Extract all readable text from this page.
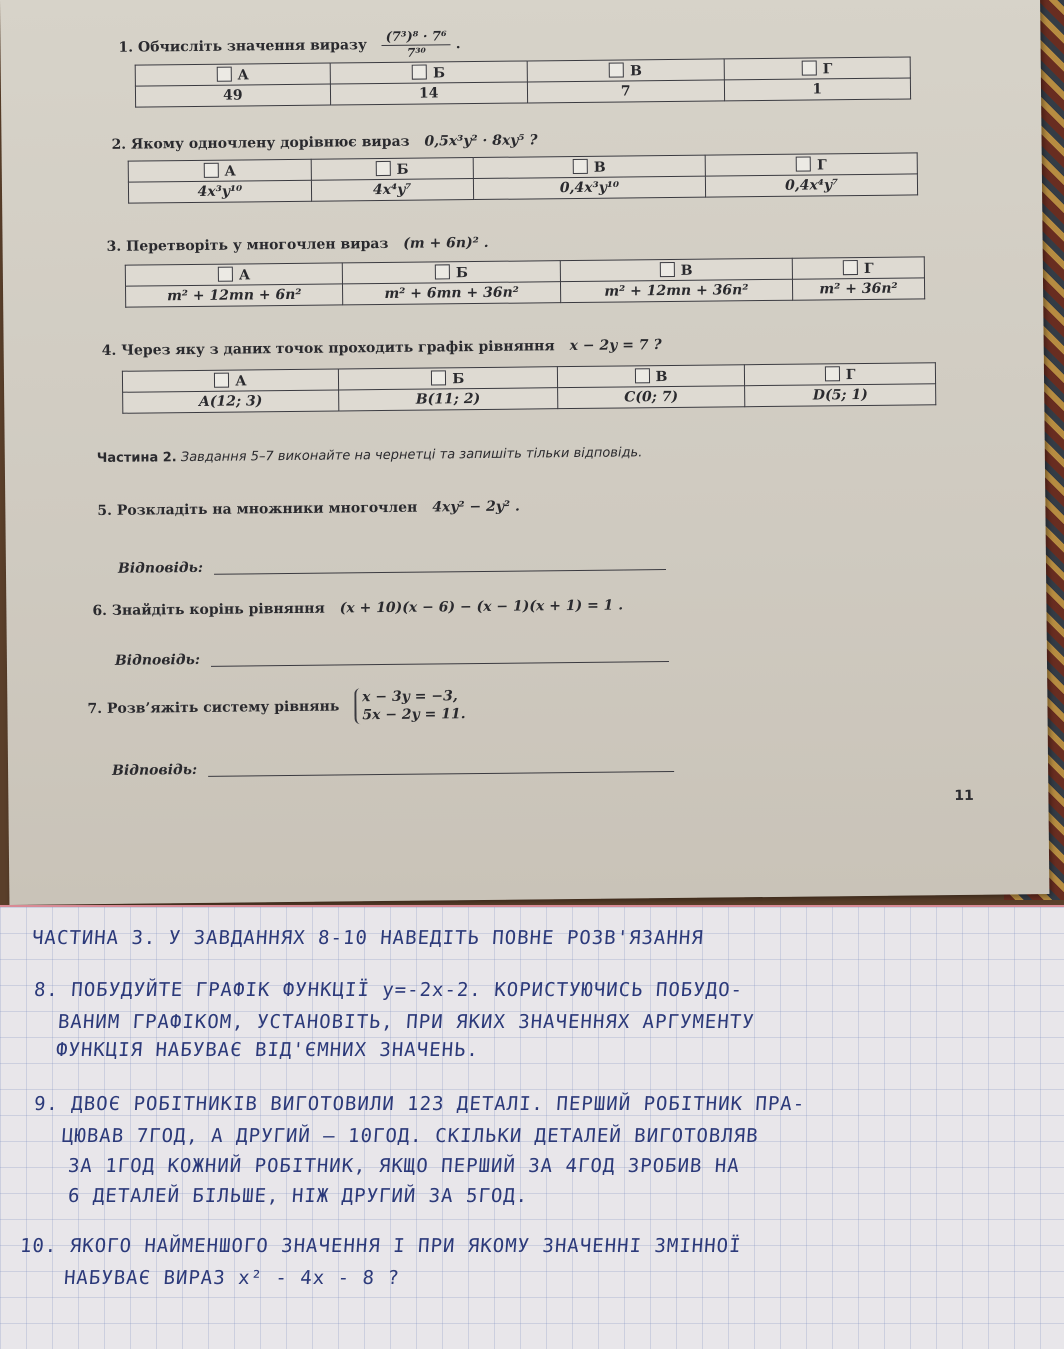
1. Обчисліть значення виразу $\frac{\text{(7³)⁸ · 7⁶}}{\text{7³⁰}}$ .
А	Б	В	Г
49	14	7	1
2. Якому одночлену дорівнює вираз 0,5x³y² · 8xy⁵ ?
А	Б	В	Г
4x³y¹⁰	4x⁴y⁷	0,4x³y¹⁰	0,4x⁴y⁷
3. Перетворіть у многочлен вираз (m + 6n)² .
А	Б	В	Г
m² + 12mn + 6n²	m² + 6mn + 36n²	m² + 12mn + 36n²	m² + 36n²
4. Через яку з даних точок проходить графік рівняння x − 2y = 7 ?
А	Б	В	Г
A(12; 3)	B(11; 2)	C(0; 7)	D(5; 1)
Частина 2. Завдання 5–7 виконайте на чернетці та запишіть тільки відповідь.
5. Розкладіть на множники многочлен 4xy² − 2y² .
Відповідь:
6. Знайдіть корінь рівняння (x + 10)(x − 6) − (x − 1)(x + 1) = 1 .
Відповідь:
7. Розв’яжіть систему рівнянь
x − 3y = −3,
5x − 2y = 11.
Відповідь:
11
ЧАСТИНА 3. У ЗАВДАННЯХ 8-10 НАВЕДІТЬ ПОВНЕ РОЗВ'ЯЗАННЯ
8. ПОБУДУЙТЕ ГРАФІК ФУНКЦІЇ y=-2x-2. КОРИСТУЮЧИСЬ ПОБУДО-
ВАНИМ ГРАФІКОМ, УСТАНОВІТЬ, ПРИ ЯКИХ ЗНАЧЕННЯХ АРГУМЕНТУ
ФУНКЦІЯ НАБУВАЄ ВІД'ЄМНИХ ЗНАЧЕНЬ.
9. ДВОЄ РОБІТНИКІВ ВИГОТОВИЛИ 123 ДЕТАЛІ. ПЕРШИЙ РОБІТНИК ПРА-
ЦЮВАВ 7ГОД, А ДРУГИЙ — 10ГОД. СКІЛЬКИ ДЕТАЛЕЙ ВИГОТОВЛЯВ
ЗА 1ГОД КОЖНИЙ РОБІТНИК, ЯКЩО ПЕРШИЙ ЗА 4ГОД ЗРОБИВ НА
6 ДЕТАЛЕЙ БІЛЬШЕ, НІЖ ДРУГИЙ ЗА 5ГОД.
10. ЯКОГО НАЙМЕНШОГО ЗНАЧЕННЯ І ПРИ ЯКОМУ ЗНАЧЕННІ ЗМІННОЇ
НАБУВАЄ ВИРАЗ x² - 4x - 8 ?
